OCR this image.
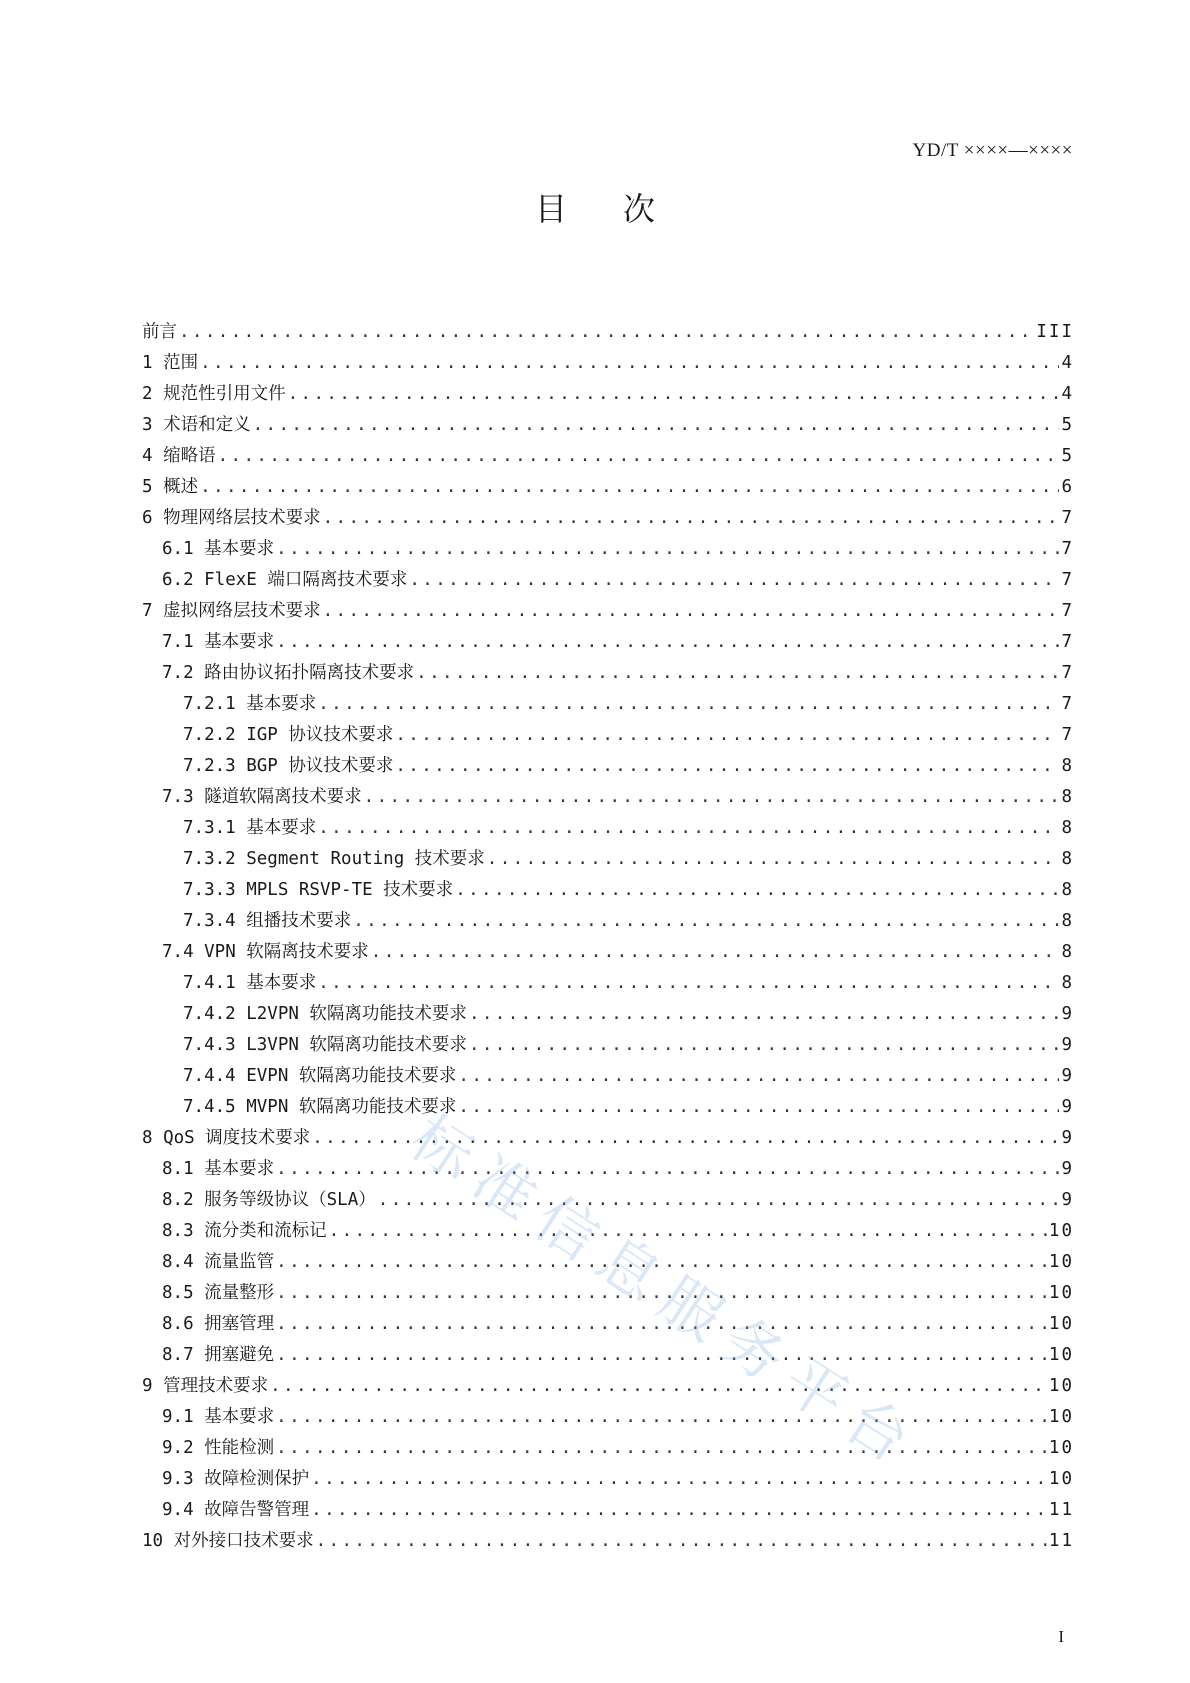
YD/T ××××—××××
目次
前言 .....	III
1 范围 .....	4
2 规范性引用文件 .....	4
3 术语和定义 .....	5
4 缩略语 .....	5
5 概述 .....	6
6 物理网络层技术要求 .....	7
6.1 基本要求 .....	7
6.2 FlexE 端口隔离技术要求 .....	7
7 虚拟网络层技术要求 .....	7
7.1 基本要求 .....	7
7.2 路由协议拓扑隔离技术要求 .....	7
7.2.1 基本要求 .....	7
7.2.2 IGP 协议技术要求 .....	7
7.2.3 BGP 协议技术要求 .....	8
7.3 隧道软隔离技术要求 .....	8
7.3.1 基本要求 .....	8
7.3.2 Segment Routing 技术要求 .....	8
7.3.3 MPLS RSVP-TE 技术要求 .....	8
7.3.4 组播技术要求 .....	8
7.4 VPN 软隔离技术要求 .....	8
7.4.1 基本要求 .....	8
7.4.2 L2VPN 软隔离功能技术要求 .....	9
7.4.3 L3VPN 软隔离功能技术要求 .....	9
7.4.4 EVPN 软隔离功能技术要求 .....	9
7.4.5 MVPN 软隔离功能技术要求 .....	9
8 QoS 调度技术要求 .....	9
8.1 基本要求 .....	9
8.2 服务等级协议（SLA） .....	9
8.3 流分类和流标记 .....	10
8.4 流量监管 .....	10
8.5 流量整形 .....	10
8.6 拥塞管理 .....	10
8.7 拥塞避免 .....	10
9 管理技术要求 .....	10
9.1 基本要求 .....	10
9.2 性能检测 .....	10
9.3 故障检测保护 .....	10
9.4 故障告警管理 .....	11
10 对外接口技术要求 .....	11
标准信息服务平台
I
